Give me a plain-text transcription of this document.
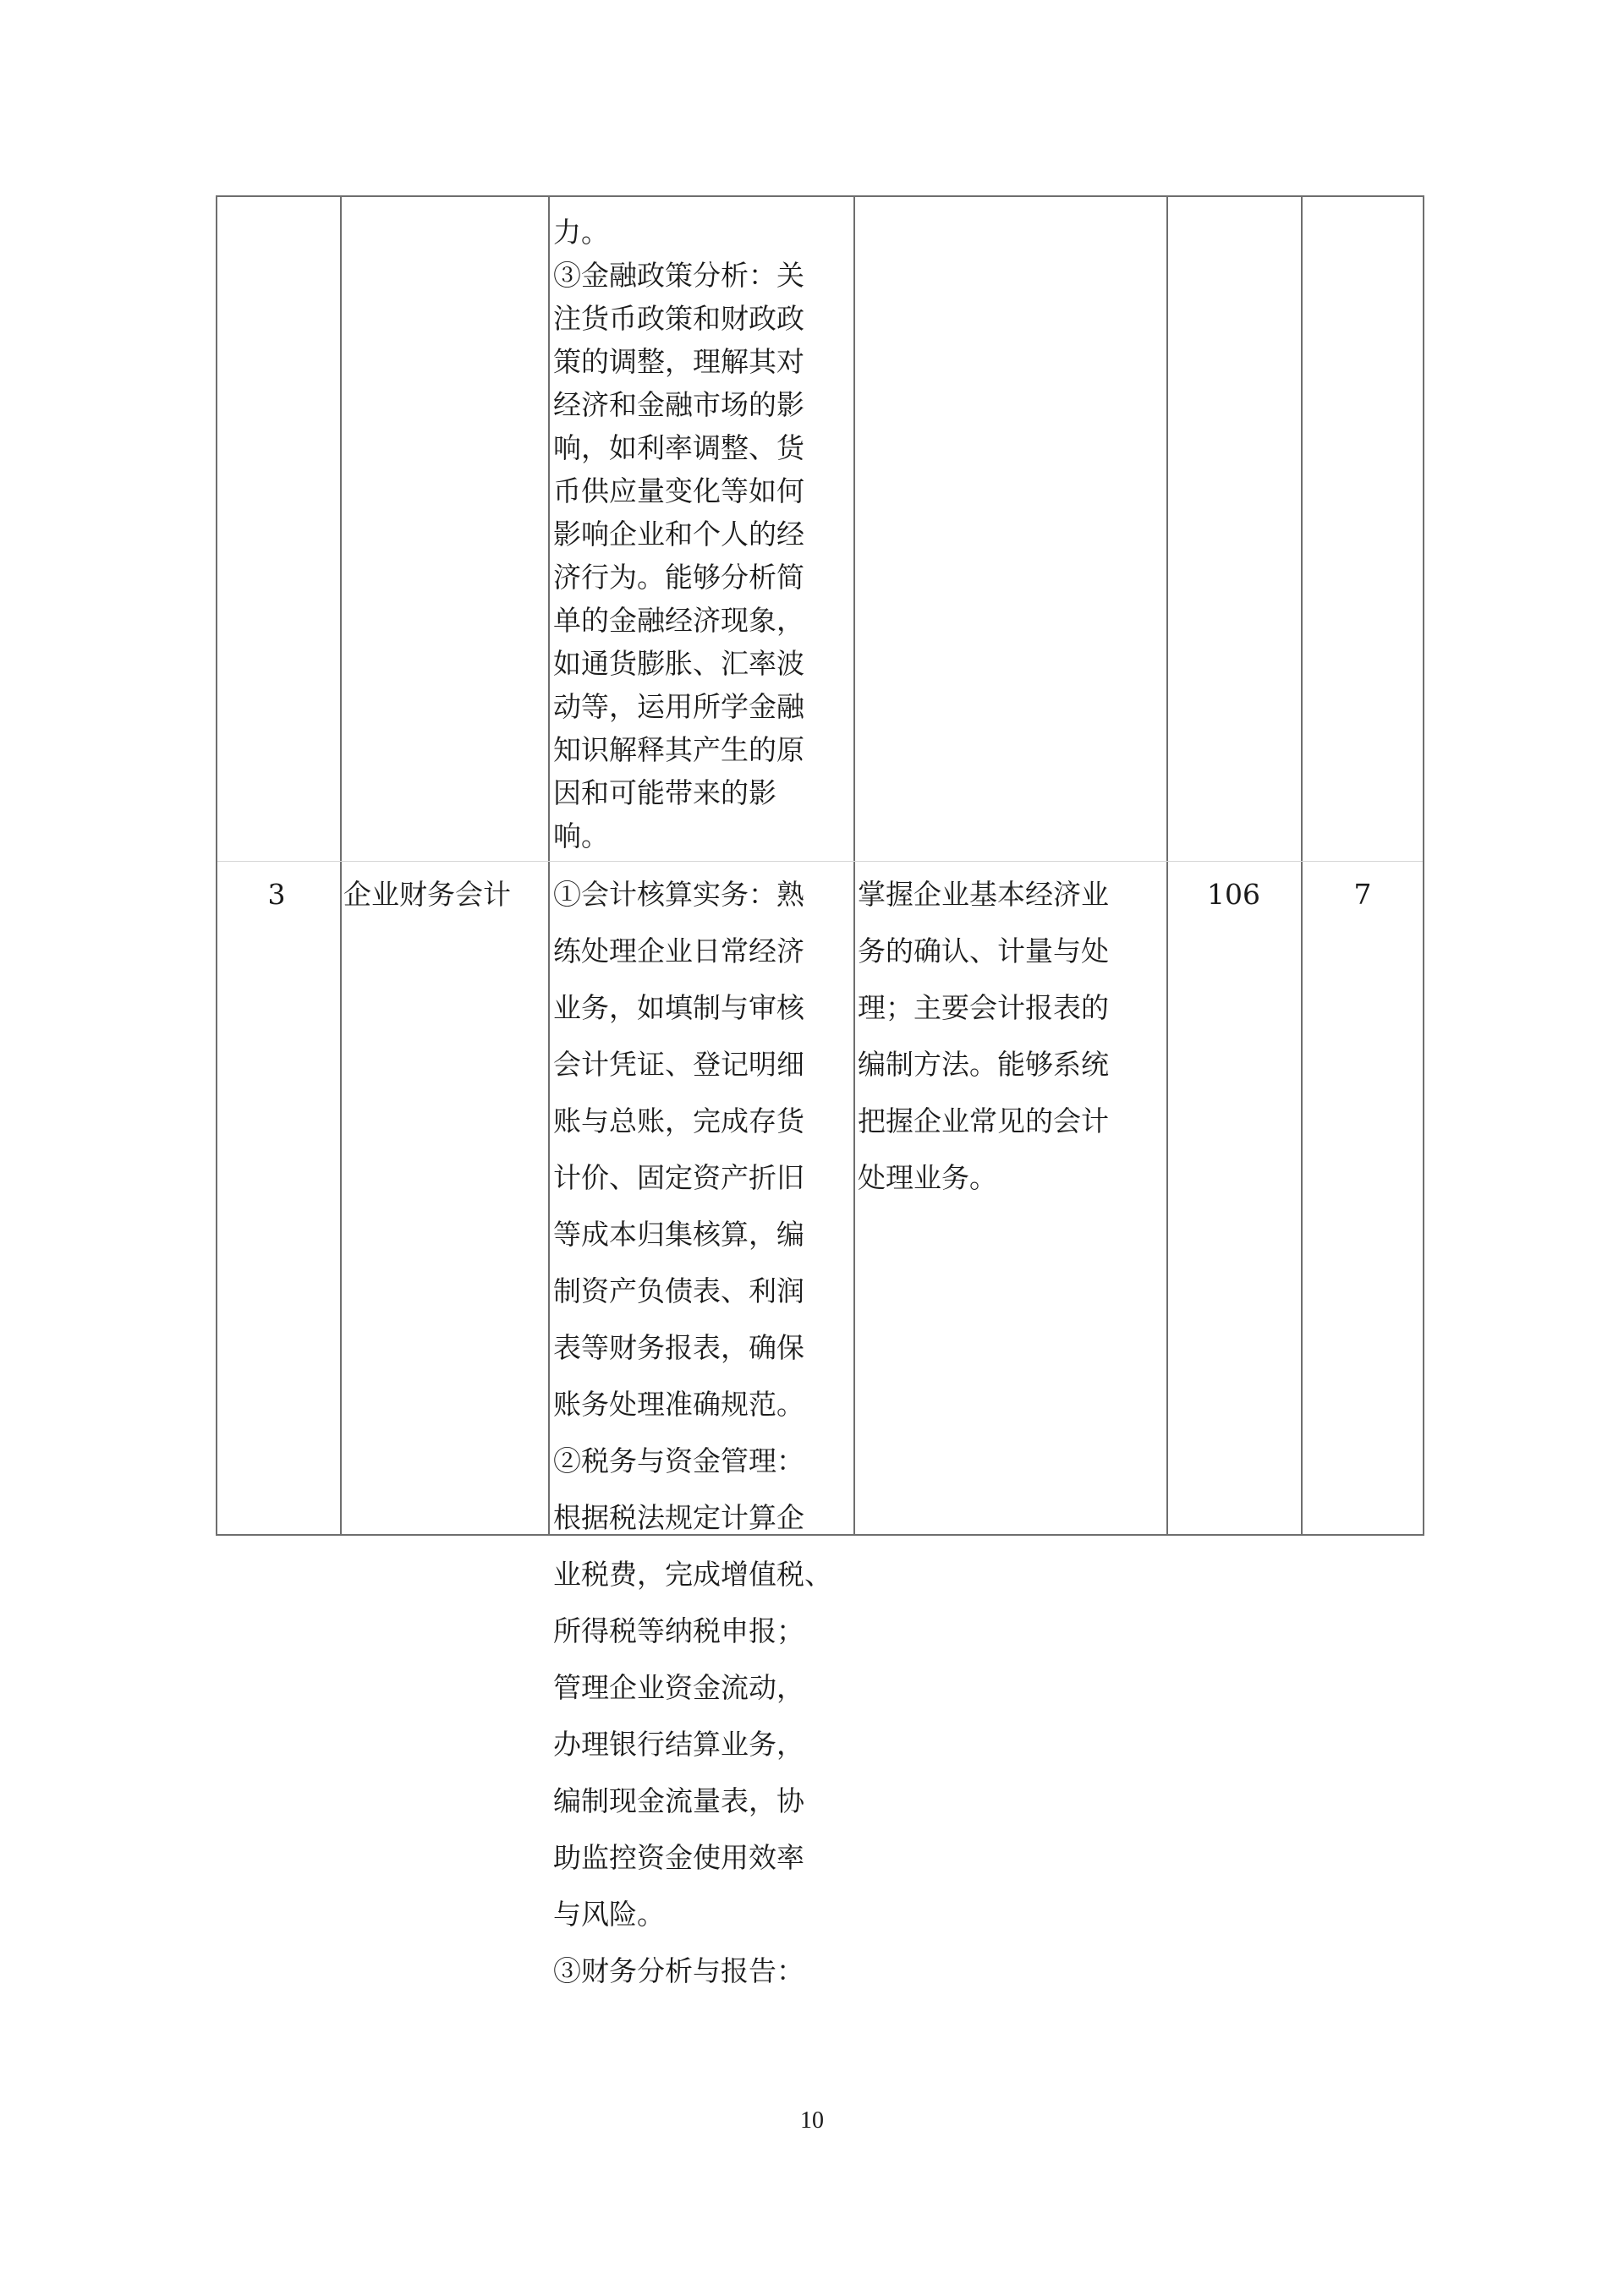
力。
③金融政策分析：关
注货币政策和财政政
策的调整，理解其对
经济和金融市场的影
响，如利率调整、货
币供应量变化等如何
影响企业和个人的经
济行为。能够分析简
单的金融经济现象，
如通货膨胀、汇率波
动等，运用所学金融
知识解释其产生的原
因和可能带来的影
响。
3	企业财务会计 ①会计核算实务：熟
练处理企业日常经济
业务，如填制与审核
会计凭证、登记明细
账与总账，完成存货
计价、固定资产折旧
等成本归集核算，编
制资产负债表、利润
表等财务报表，确保
账务处理准确规范。
②税务与资金管理：
根据税法规定计算企
业税费，完成增值税、
所得税等纳税申报；
管理企业资金流动，
办理银行结算业务，
编制现金流量表，协
助监控资金使用效率
与风险。
③财务分析与报告：
掌握企业基本经济业
务的确认、计量与处
理；主要会计报表的
编制方法。能够系统
把握企业常见的会计
处理业务。
106	7
10
